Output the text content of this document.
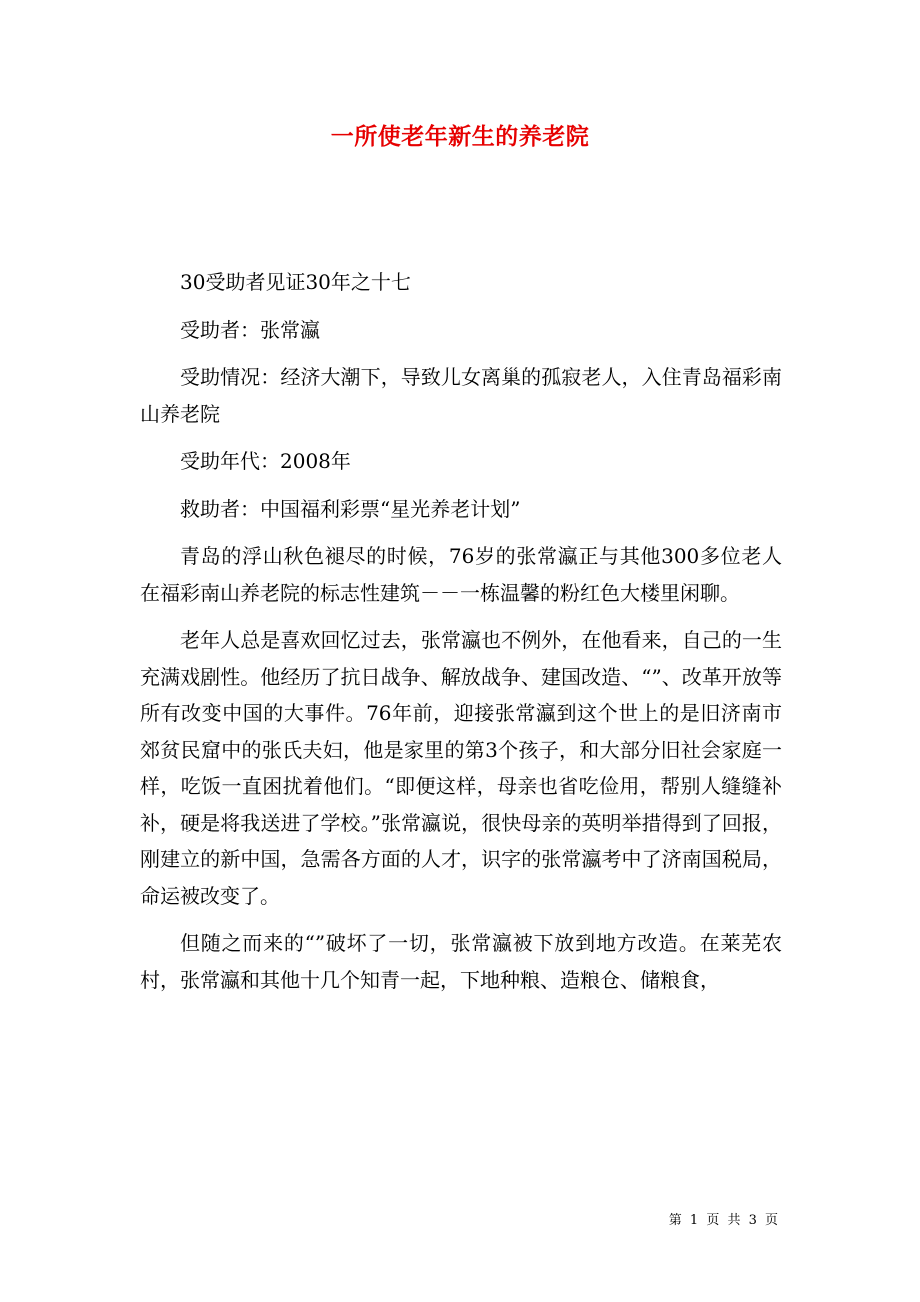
一所使老年新生的养老院

30受助者见证30年之十七

受助者：张常瀛

受助情况：经济大潮下，导致儿女离巢的孤寂老人，入住青岛福彩南山养老院

受助年代：2008年

救助者：中国福利彩票“星光养老计划”

青岛的浮山秋色褪尽的时候，76岁的张常瀛正与其他300多位老人在福彩南山养老院的标志性建筑－－一栋温馨的粉红色大楼里闲聊。

老年人总是喜欢回忆过去，张常瀛也不例外，在他看来，自己的一生充满戏剧性。他经历了抗日战争、解放战争、建国改造、“”、改革开放等所有改变中国的大事件。76年前，迎接张常瀛到这个世上的是旧济南市郊贫民窟中的张氏夫妇，他是家里的第3个孩子，和大部分旧社会家庭一样，吃饭一直困扰着他们。“即便这样，母亲也省吃俭用，帮别人缝缝补补，硬是将我送进了学校。”张常瀛说，很快母亲的英明举措得到了回报，刚建立的新中国，急需各方面的人才，识字的张常瀛考中了济南国税局，命运被改变了。

但随之而来的“”破坏了一切，张常瀛被下放到地方改造。在莱芜农村，张常瀛和其他十几个知青一起，下地种粮、造粮仓、储粮食，

第 1 页 共 3 页
